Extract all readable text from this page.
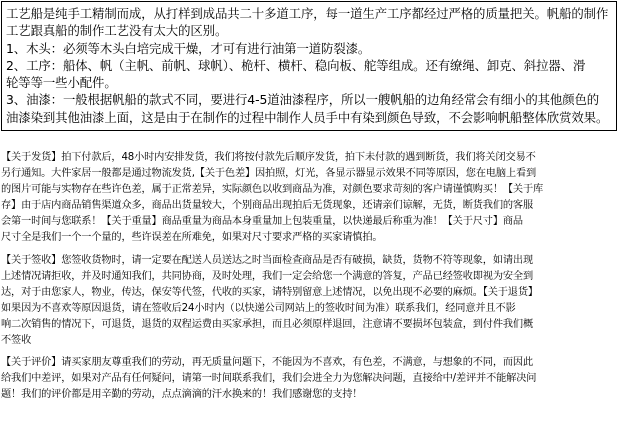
工艺船是纯手工精制而成，从打样到成品共二十多道工序，每一道生产工序都经过严格的质量把关。帆船的制作
工艺跟真船的制作工艺没有太大的区别。
1、木头：必须等木头白培完成干燥，才可有进行油第一道防裂漆。
2、工序：船体、帆（主帆、前帆、球帆）、桅杆、横杆、稳向板、舵等组成。还有缭绳、卸克、斜拉器、滑
轮等等一些小配件。
3、油漆：一般根据帆船的款式不同，要进行4-5道油漆程序，所以一艘帆船的边角经常会有细小的其他颜色的
油漆染到其他油漆上面，这是由于在制作的过程中制作人员手中有染到颜色导致，不会影响帆船整体欣赏效果。
【关于发货】拍下付款后，48小时内安排发货，我们将按付款先后顺序发货，拍下未付款的遇到断货，我们将关闭交易不
另行通知。大件家居一般都是通过物流发货,【关于色差】因拍照，灯光，各显示器显示效果不同等原因，您在电脑上看到
的图片可能与实物存在些许色差，属于正常差异，实际颜色以收到商品为准，对颜色要求苛刻的客户请谨慎购买！【关于库
存】由于店内商品销售渠道众多，商品出货量较大，个别商品出现拍后无货现象，还请亲们谅解，无货，断货我们的客服
会第一时间与您联系！【关于重量】商品重量为商品本身重量加上包装重量，以快递最后称重为准！【关于尺寸】商品
尺寸全是我们一个一个量的，些许误差在所难免，如果对尺寸要求严格的买家请慎拍。
【关于签收】您签收货物时，请一定要在配送人员送达之时当面检查商品是否有破损，缺货，货物不符等现象，如请出现
上述情况请拒收，并及时通知我们，共同协商，及时处理，我们一定会给您一个满意的答复，产品已经签收即视为安全到
达，对于由您家人，物业，传达，保安等代签，代收的买家，请特别留意上述情况，以免出现不必要的麻烦。【关于退货】
如果因为不喜欢等原因退货，请在签收后24小时内（以快递公司网站上的签收时间为准）联系我们，经同意并且不影
响二次销售的情况下，可退货，退货的双程运费由买家承担，而且必须原样退回，注意请不要损坏包装盒，到付件我们概
不签收
【关于评价】请买家朋友尊重我们的劳动，再无质量问题下，不能因为不喜欢，有色差，不满意，与想象的不同，而因此
给我们中差评，如果对产品有任何疑问，请第一时间联系我们，我们会进全力为您解决问题，直接给中/差评并不能解决问
题！我们的评价都是用辛勤的劳动，点点滴滴的汗水换来的！我们感谢您的支持！
